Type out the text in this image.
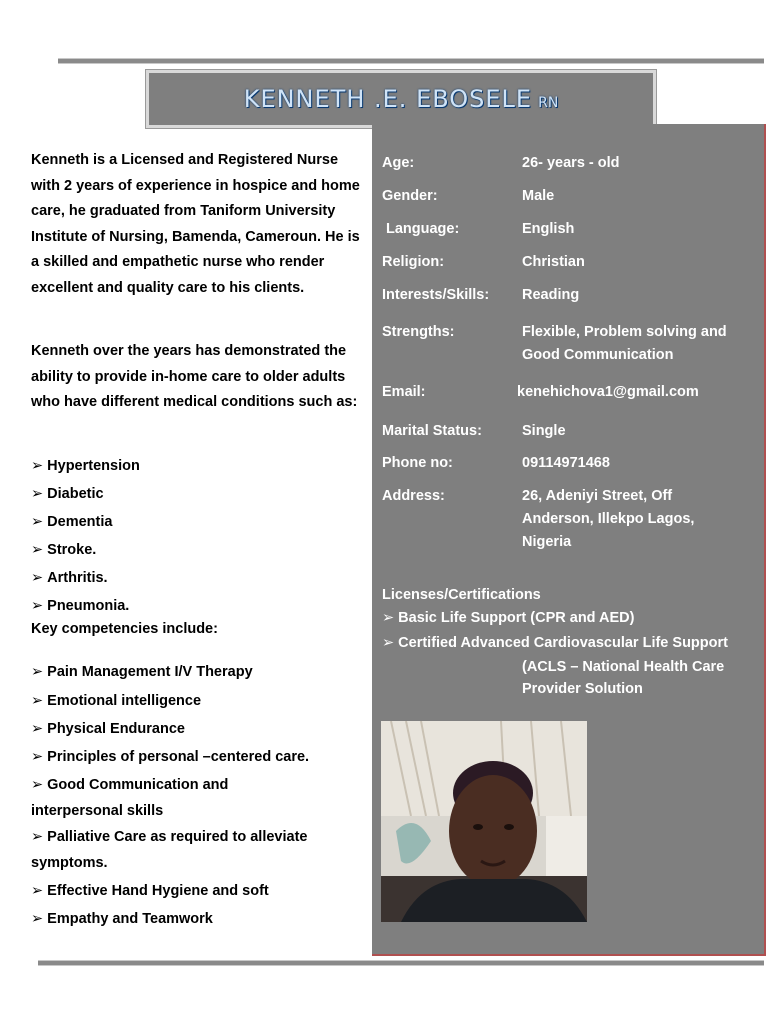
KENNETH .E. EBOSELE RN

Kenneth is a Licensed and Registered Nurse with 2 years of experience in hospice and home care, he graduated from Taniform University Institute of Nursing, Bamenda, Cameroun. He is a skilled and empathetic nurse who render excellent and quality care to his clients.

Kenneth over the years has demonstrated the ability to provide in-home care to older adults who have different medical conditions such as:

➢ Hypertension
➢ Diabetic
➢ Dementia
➢ Stroke.
➢ Arthritis.
➢ Pneumonia.
Key competencies include:
➢ Pain Management I/V Therapy
➢ Emotional intelligence
➢ Physical Endurance
➢ Principles of personal –centered care.
➢ Good Communication and interpersonal skills
➢ Palliative Care as required to alleviate symptoms.
➢ Effective Hand Hygiene and soft
➢ Empathy and Teamwork
Age:	26- years - old
Gender:	Male
Language:	English
Religion:	Christian
Interests/Skills: Reading
Strengths:	Flexible, Problem solving and Good Communication
Email:	kenehichova1@gmail.com
Marital Status:	Single
Phone no:	09114971468
Address:	26, Adeniyi Street, Off Anderson, Illekpo Lagos, Nigeria
Licenses/Certifications
➢ Basic Life Support (CPR and AED)
➢ Certified Advanced Cardiovascular Life Support
(ACLS – National Health Care Provider Solution
